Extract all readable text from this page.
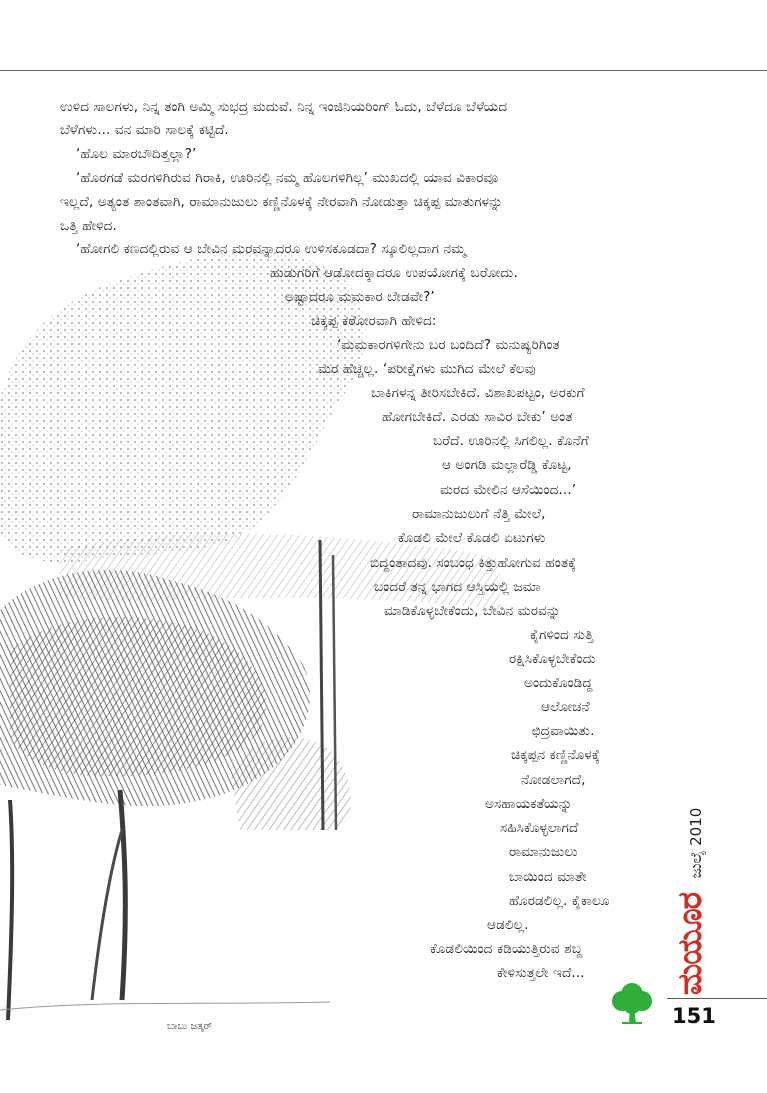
ಬಾಬು ಜತ್ಕರ್
ಉಳಿದ ಸಾಲಗಳು, ನಿನ್ನ ತಂಗಿ ಅಮ್ಮಿ ಸುಭದ್ರ ಮದುವೆ. ನಿನ್ನ ಇಂಜಿನಿಯರಿಂಗ್ ಓದು, ಬೆಳೆದೂ ಬೆಳೆಯದ
ಬೆಳೆಗಳು... ವನ ಮಾರಿ ಸಾಲಕ್ಕೆ ಕಟ್ಟಿದೆ.
‘ಹೊಲ ಮಾರಬೌದಿತ್ತಲ್ಲಾ?’
‘ಹೊರಗಡೆ ಮರಗಳಿಗಿರುವ ಗಿರಾಕಿ, ಊರಿನಲ್ಲಿ ನಮ್ಮ ಹೊಲಗಳಿಗಿಲ್ಲ’ ಮುಖದಲ್ಲಿ ಯಾವ ವಿಕಾರವೂ
ಇಲ್ಲದೆ, ಅತ್ಯಂತ ಶಾಂತವಾಗಿ, ರಾಮಾನುಜುಲು ಕಣ್ಣಿನೊಳಕ್ಕೆ ನೇರವಾಗಿ ನೋಡುತ್ತಾ ಚಿಕ್ಕಪ್ಪ ಮಾತುಗಳನ್ನು
ಒತ್ತಿ ಹೇಳಿದ.
‘ಹೋಗಲಿ ಕಣದಲ್ಲಿರುವ ಆ ಬೇವಿನ ಮರವನ್ನಾದರೂ ಉಳಿಸಕೂಡದಾ? ಸ್ಕೂಲಿಲ್ಲದಾಗ ನಮ್ಮ
ಹುಡುಗರಿಗೆ ಆಡೋದಕ್ಕಾದರೂ ಉಪಯೋಗಕ್ಕೆ ಬರೋದು.
ಅಷ್ಟಾದರೂ ಮಮಕಾರ ಬೇಡವೇ?’
ಚಿಕ್ಕಪ್ಪ ಕಠೋರವಾಗಿ ಹೇಳಿದ:
‘ಮಮಕಾರಗಳಿಗೇನು ಬರ ಬಂದಿದೆ? ಮನುಷ್ಯರಿಗಿಂತ
ಮರ ಹೆಚ್ಚಲ್ಲ. ‘ಪರೀಕ್ಷೆಗಳು ಮುಗಿದ ಮೇಲೆ ಕೆಲವು
ಬಾಕಿಗಳನ್ನ ತೀರಿಸಬೇಕಿದೆ. ವಿಶಾಖಪಟ್ಟಂ, ಅರಕುಗೆ
ಹೋಗಬೇಕಿದೆ. ಎರಡು ಸಾವಿರ ಬೇಕು’ ಅಂತ
ಬರೆದೆ. ಊರಿನಲ್ಲಿ ಸಿಗಲಿಲ್ಲ. ಕೊನೆಗೆ
ಆ ಅಂಗಡಿ ಮಲ್ಲಾರೆಡ್ಡಿ ಕೊಟ್ಟ,
ಮರದ ಮೇಲಿನ ಆಸೆಯಿಂದ...’
ರಾಮಾನುಜುಲುಗೆ ನೆತ್ತಿ ಮೇಲೆ,
ಕೊಡಲಿ ಮೇಲೆ ಕೊಡಲಿ ಏಟುಗಳು
ಬಿದ್ದಂತಾದವು. ಸಂಬಂಧ ಕಿತ್ತುಹೋಗುವ ಹಂತಕ್ಕೆ
ಬಂದರೆ ತನ್ನ ಭಾಗದ ಆಸ್ತಿಯಲ್ಲಿ ಜಮಾ
ಮಾಡಿಕೊಳ್ಳಬೇಕೆಂದು, ಬೇವಿನ ಮರವನ್ನು
ಕೈಗಳಿಂದ ಸುತ್ತಿ
ರಕ್ಷಿಸಿಕೊಳ್ಳಬೇಕೆಂದು
ಅಂದುಕೊಂಡಿದ್ದ
ಆಲೋಚನೆ
ಛಿದ್ರವಾಯಿತು.
ಚಿಕ್ಕಪ್ಪನ ಕಣ್ಣಿನೊಳಕ್ಕೆ
ನೋಡಲಾಗದೆ,
ಅಸಹಾಯಕತೆಯನ್ನು
ಸಹಿಸಿಕೊಳ್ಳಲಾಗದೆ
ರಾಮಾನುಜುಲು
ಬಾಯಿಂದ ಮಾತೇ
ಹೊರಡಲಿಲ್ಲ. ಕೈಕಾಲೂ
ಆಡಲಿಲ್ಲ.
ಕೊಡಲಿಯಿಂದ ಕಡಿಯುತ್ತಿರುವ ಶಬ್ದ
ಕೇಳಿಸುತ್ತಲೇ ಇದೆ...
ಜುಲೈ 2010
ಮಯೂರ
151
